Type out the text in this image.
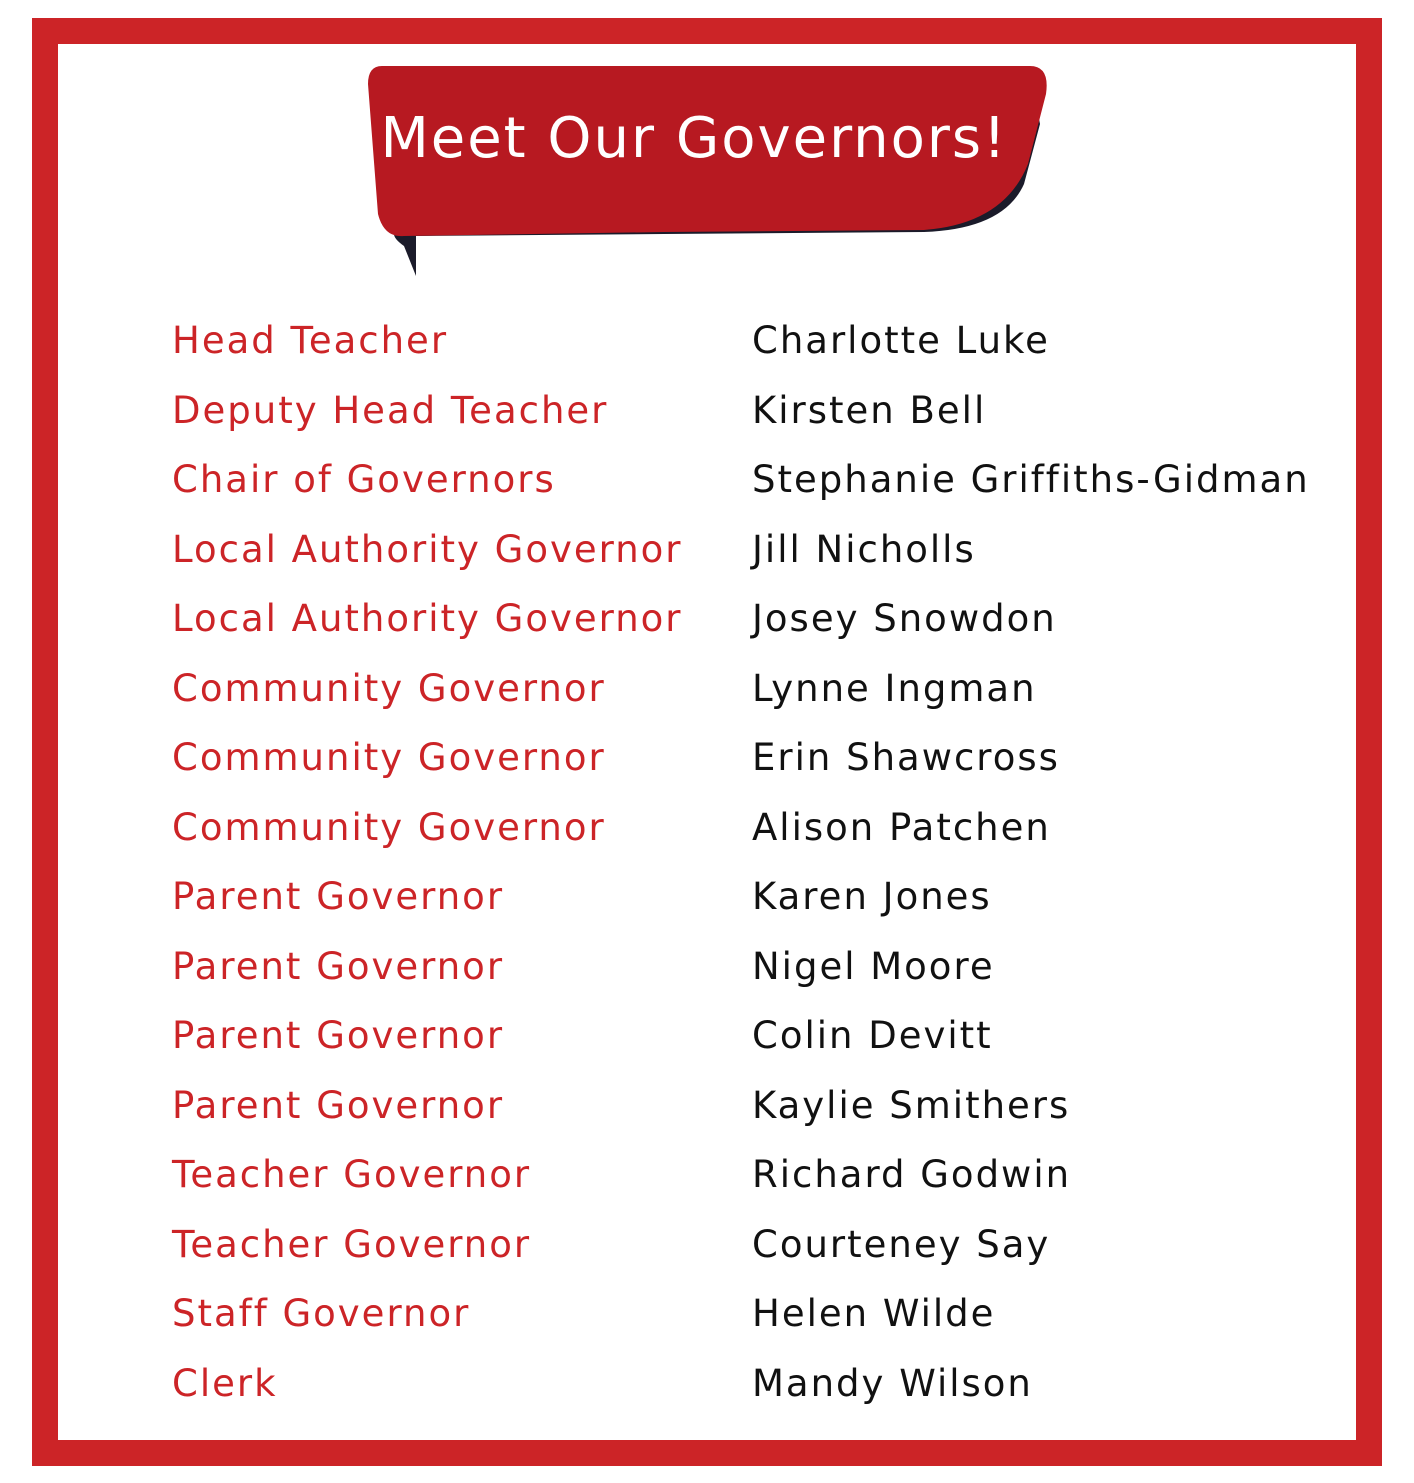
Meet Our Governors!
Head Teacher	Charlotte Luke
Deputy Head Teacher	Kirsten Bell
Chair of Governors	Stephanie Griffiths-Gidman
Local Authority Governor	Jill Nicholls
Local Authority Governor	Josey Snowdon
Community Governor	Lynne Ingman
Community Governor	Erin Shawcross
Community Governor	Alison Patchen
Parent Governor	Karen Jones
Parent Governor	Nigel Moore
Parent Governor	Colin Devitt
Parent Governor	Kaylie Smithers
Teacher Governor	Richard Godwin
Teacher Governor	Courteney Say
Staff Governor	Helen Wilde
Clerk	Mandy Wilson
